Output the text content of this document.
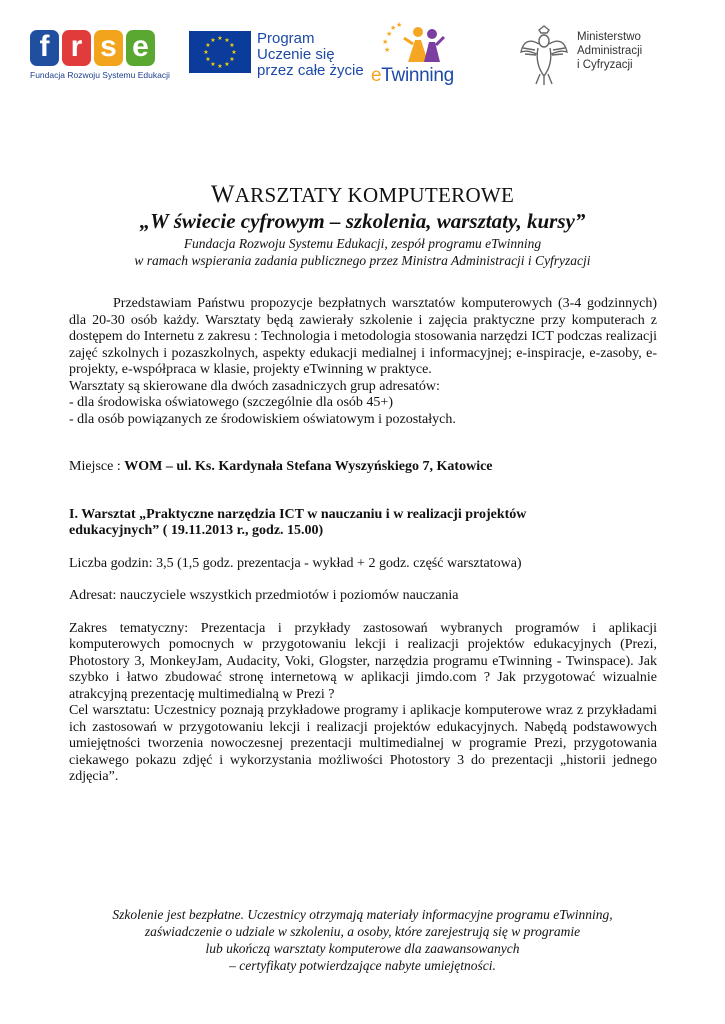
f r s e
Fundacja Rozwoju Systemu Edukacji
★ ★
★
★
★
★
★
★
★
★
★
★	Program
Uczenie się
przez całe życie
★
★
★
★ ★
eTwinning
Ministerstwo
Administracji
i Cyfryzacji
WARSZTATY KOMPUTEROWE
„W świecie cyfrowym – szkolenia, warsztaty, kursy”
Fundacja Rozwoju Systemu Edukacji, zespół programu eTwinning
w ramach wspierania zadania publicznego przez Ministra Administracji i Cyfryzacji

Przedstawiam Państwu propozycje bezpłatnych warsztatów komputerowych (3-4 godzinnych) dla 20-30 osób każdy. Warsztaty będą zawierały szkolenie i zajęcia praktyczne przy komputerach z dostępem do Internetu z zakresu : Technologia i metodologia stosowania narzędzi ICT podczas realizacji zajęć szkolnych i pozaszkolnych, aspekty edukacji medialnej i informacyjnej; e-inspiracje, e-zasoby, e-projekty, e-współpraca w klasie, projekty eTwinning w praktyce.

Warsztaty są skierowane dla dwóch zasadniczych grup adresatów:

- dla środowiska oświatowego (szczególnie dla osób 45+)

- dla osób powiązanych ze środowiskiem oświatowym i pozostałych.

Miejsce : WOM – ul. Ks. Kardynała Stefana Wyszyńskiego 7, Katowice

I. Warsztat „Praktyczne narzędzia ICT w nauczaniu i w realizacji projektów

edukacyjnych” ( 19.11.2013 r., godz. 15.00)

Liczba godzin: 3,5 (1,5 godz. prezentacja - wykład + 2 godz. część warsztatowa)

Adresat: nauczyciele wszystkich przedmiotów i poziomów nauczania

Zakres tematyczny: Prezentacja i przykłady zastosowań wybranych programów i aplikacji komputerowych pomocnych w przygotowaniu lekcji i realizacji projektów edukacyjnych (Prezi, Photostory 3, MonkeyJam, Audacity, Voki, Glogster, narzędzia programu eTwinning - Twinspace). Jak szybko i łatwo zbudować stronę internetową w aplikacji jimdo.com ? Jak przygotować wizualnie atrakcyjną prezentację multimedialną w Prezi ?

Cel warsztatu: Uczestnicy poznają przykładowe programy i aplikacje komputerowe wraz z przykładami ich zastosowań w przygotowaniu lekcji i realizacji projektów edukacyjnych. Nabędą podstawowych umiejętności tworzenia nowoczesnej prezentacji multimedialnej w programie Prezi, przygotowania ciekawego pokazu zdjęć i wykorzystania możliwości Photostory 3 do prezentacji „historii jednego zdjęcia”.

Szkolenie jest bezpłatne. Uczestnicy otrzymają materiały informacyjne programu eTwinning,
zaświadczenie o udziale w szkoleniu, a osoby, które zarejestrują się w programie
lub ukończą warsztaty komputerowe dla zaawansowanych
– certyfikaty potwierdzające nabyte umiejętności.
